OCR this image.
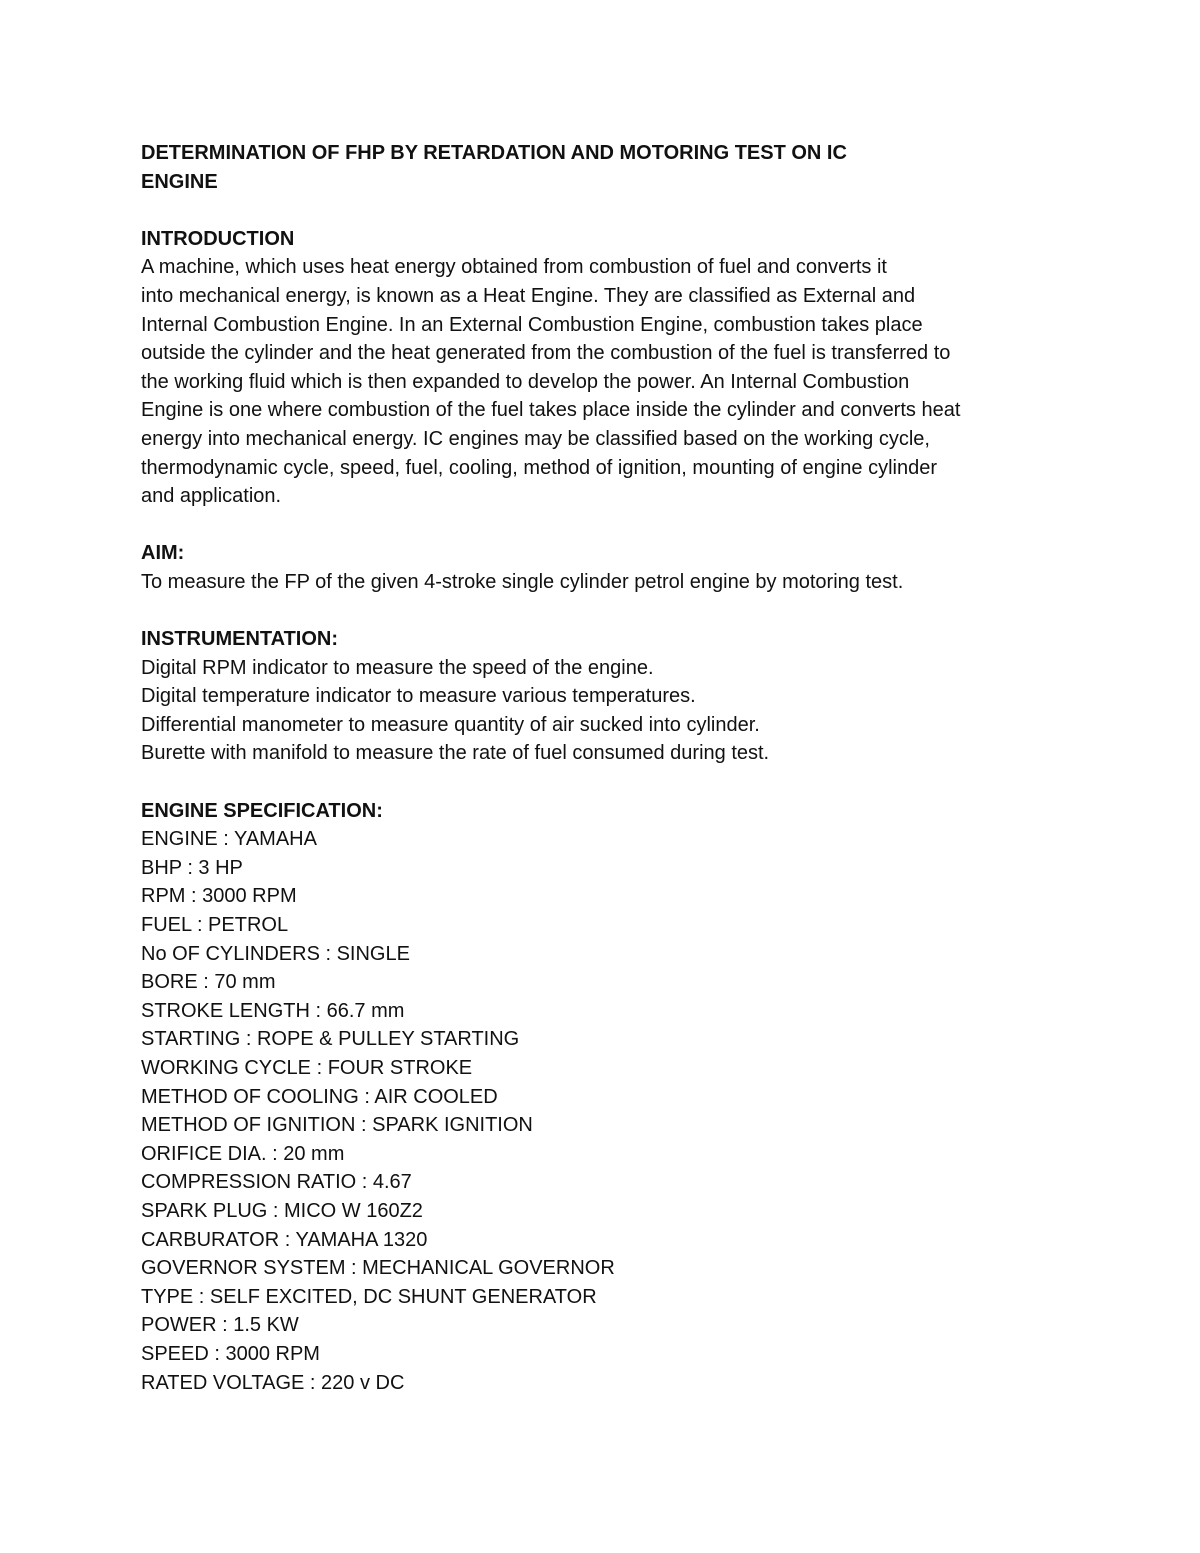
DETERMINATION OF FHP BY RETARDATION AND MOTORING TEST ON IC
ENGINE
INTRODUCTION
A machine, which uses heat energy obtained from combustion of fuel and converts it
into mechanical energy, is known as a Heat Engine. They are classified as External and
Internal Combustion Engine. In an External Combustion Engine, combustion takes place
outside the cylinder and the heat generated from the combustion of the fuel is transferred to
the working fluid which is then expanded to develop the power. An Internal Combustion
Engine is one where combustion of the fuel takes place inside the cylinder and converts heat
energy into mechanical energy. IC engines may be classified based on the working cycle,
thermodynamic cycle, speed, fuel, cooling, method of ignition, mounting of engine cylinder
and application.
AIM:
To measure the FP of the given 4-stroke single cylinder petrol engine by motoring test.
INSTRUMENTATION:
Digital RPM indicator to measure the speed of the engine.
Digital temperature indicator to measure various temperatures.
Differential manometer to measure quantity of air sucked into cylinder.
Burette with manifold to measure the rate of fuel consumed during test.
ENGINE SPECIFICATION:
ENGINE : YAMAHA
BHP : 3 HP
RPM : 3000 RPM
FUEL : PETROL
No OF CYLINDERS : SINGLE
BORE : 70 mm
STROKE LENGTH : 66.7 mm
STARTING : ROPE & PULLEY STARTING
WORKING CYCLE : FOUR STROKE
METHOD OF COOLING : AIR COOLED
METHOD OF IGNITION : SPARK IGNITION
ORIFICE DIA. : 20 mm
COMPRESSION RATIO : 4.67
SPARK PLUG : MICO W 160Z2
CARBURATOR : YAMAHA 1320
GOVERNOR SYSTEM : MECHANICAL GOVERNOR
TYPE : SELF EXCITED, DC SHUNT GENERATOR
POWER : 1.5 KW
SPEED : 3000 RPM
RATED VOLTAGE : 220 v DC
